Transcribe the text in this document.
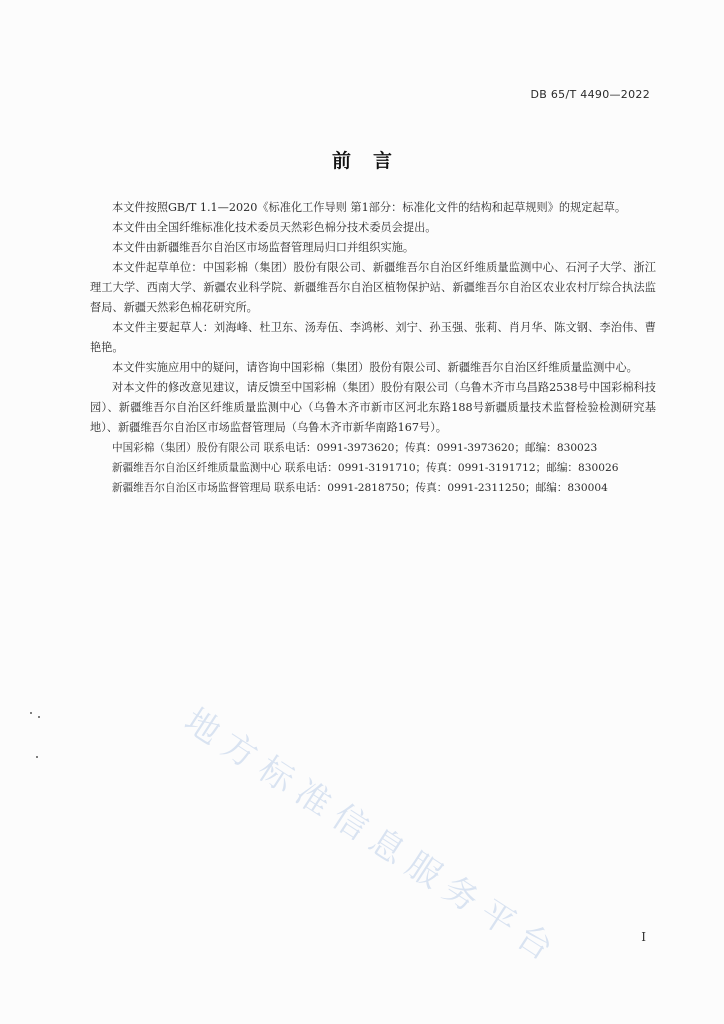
DB 65/T 4490—2022
前言

本文件按照GB/T 1.1—2020《标准化工作导则 第1部分：标准化文件的结构和起草规则》的规定起草。

本文件由全国纤维标准化技术委员天然彩色棉分技术委员会提出。

本文件由新疆维吾尔自治区市场监督管理局归口并组织实施。

本文件起草单位：中国彩棉（集团）股份有限公司、新疆维吾尔自治区纤维质量监测中心、石河子大学、浙江理工大学、西南大学、新疆农业科学院、新疆维吾尔自治区植物保护站、新疆维吾尔自治区农业农村厅综合执法监督局、新疆天然彩色棉花研究所。

本文件主要起草人：刘海峰、杜卫东、汤寿伍、李鸿彬、刘宁、孙玉强、张莉、肖月华、陈文钢、李治伟、曹艳艳。

本文件实施应用中的疑问，请咨询中国彩棉（集团）股份有限公司、新疆维吾尔自治区纤维质量监测中心。

对本文件的修改意见建议，请反馈至中国彩棉（集团）股份有限公司（乌鲁木齐市乌昌路2538号中国彩棉科技园）、新疆维吾尔自治区纤维质量监测中心（乌鲁木齐市新市区河北东路188号新疆质量技术监督检验检测研究基地）、新疆维吾尔自治区市场监督管理局（乌鲁木齐市新华南路167号）。

中国彩棉（集团）股份有限公司 联系电话：0991-3973620；传真：0991-3973620；邮编：830023

新疆维吾尔自治区纤维质量监测中心 联系电话：0991-3191710；传真：0991-3191712；邮编：830026

新疆维吾尔自治区市场监督管理局 联系电话：0991-2818750；传真：0991-2311250；邮编：830004

地方标准信息服务平台	I
